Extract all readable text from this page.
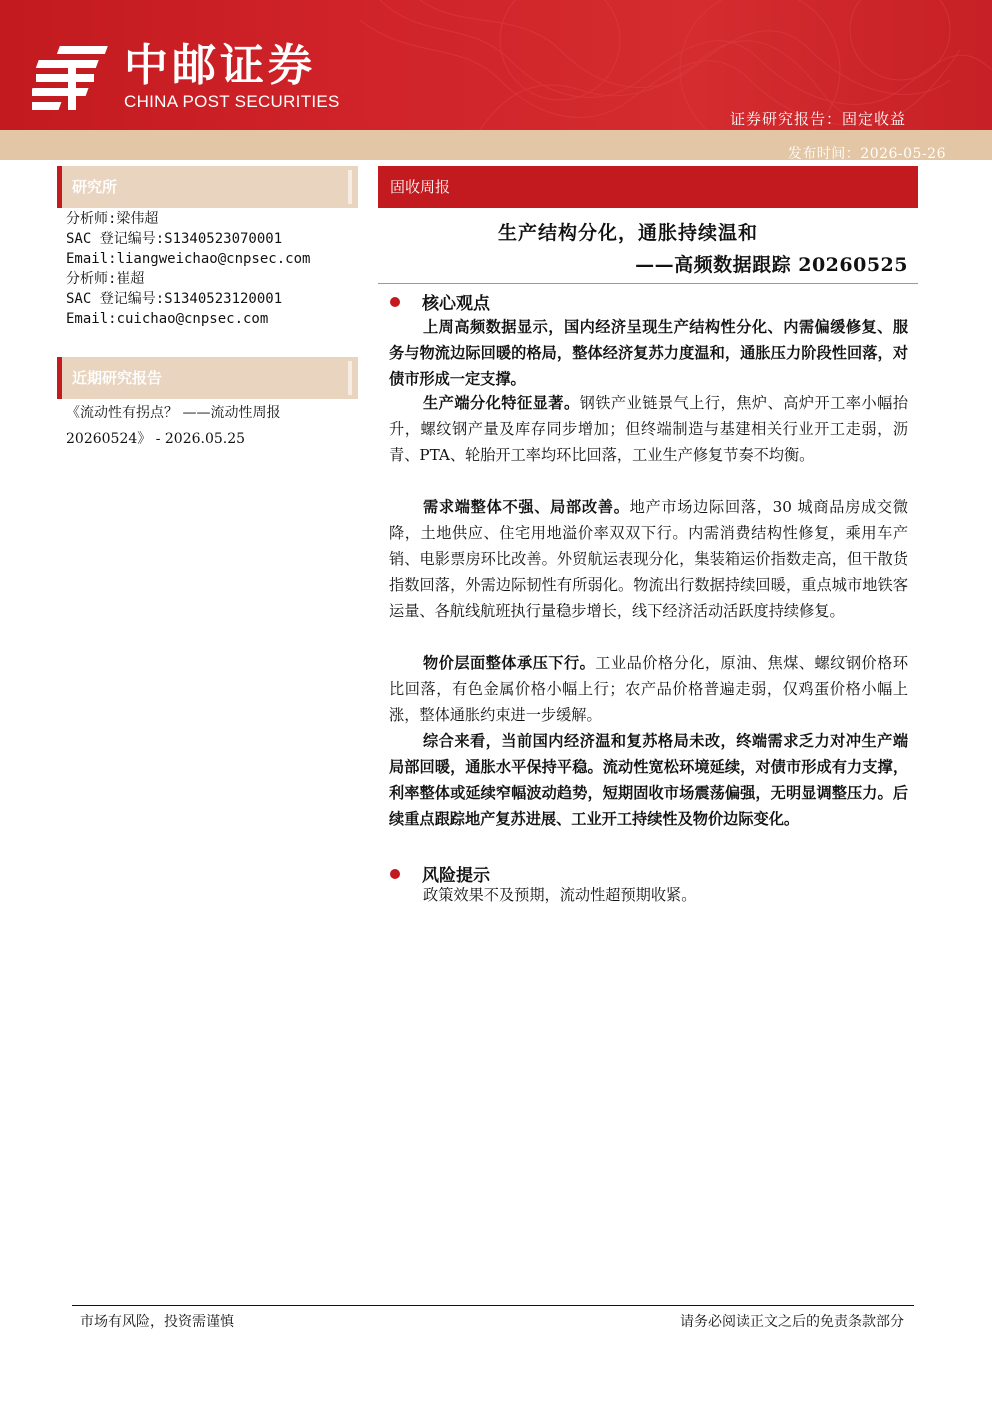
中邮证券
CHINA POST SECURITIES
证券研究报告：固定收益
发布时间：2026-05-26
研究所
分析师:梁伟超
SAC 登记编号:S1340523070001
Email:liangweichao@cnpsec.com
分析师:崔超
SAC 登记编号:S1340523120001
Email:cuichao@cnpsec.com
近期研究报告
《流动性有拐点？ ——流动性周报
20260524》 - 2026.05.25
固收周报
生产结构分化，通胀持续温和
——高频数据跟踪 20260525
核心观点

上周高频数据显示，国内经济呈现生产结构性分化、内需偏缓修复、服务与物流边际回暖的格局，整体经济复苏力度温和，通胀压力阶段性回落，对债市形成一定支撑。

生产端分化特征显著。钢铁产业链景气上行，焦炉、高炉开工率小幅抬升，螺纹钢产量及库存同步增加；但终端制造与基建相关行业开工走弱，沥青、PTA、轮胎开工率均环比回落，工业生产修复节奏不均衡。

需求端整体不强、局部改善。地产市场边际回落，30 城商品房成交微降，土地供应、住宅用地溢价率双双下行。内需消费结构性修复，乘用车产销、电影票房环比改善。外贸航运表现分化，集装箱运价指数走高，但干散货指数回落，外需边际韧性有所弱化。物流出行数据持续回暖，重点城市地铁客运量、各航线航班执行量稳步增长，线下经济活动活跃度持续修复。

物价层面整体承压下行。工业品价格分化，原油、焦煤、螺纹钢价格环比回落，有色金属价格小幅上行；农产品价格普遍走弱，仅鸡蛋价格小幅上涨，整体通胀约束进一步缓解。

综合来看，当前国内经济温和复苏格局未改，终端需求乏力对冲生产端局部回暖，通胀水平保持平稳。流动性宽松环境延续，对债市形成有力支撑，利率整体或延续窄幅波动趋势，短期固收市场震荡偏强，无明显调整压力。后续重点跟踪地产复苏进展、工业开工持续性及物价边际变化。

风险提示
政策效果不及预期，流动性超预期收紧。
市场有风险，投资需谨慎	请务必阅读正文之后的免责条款部分
